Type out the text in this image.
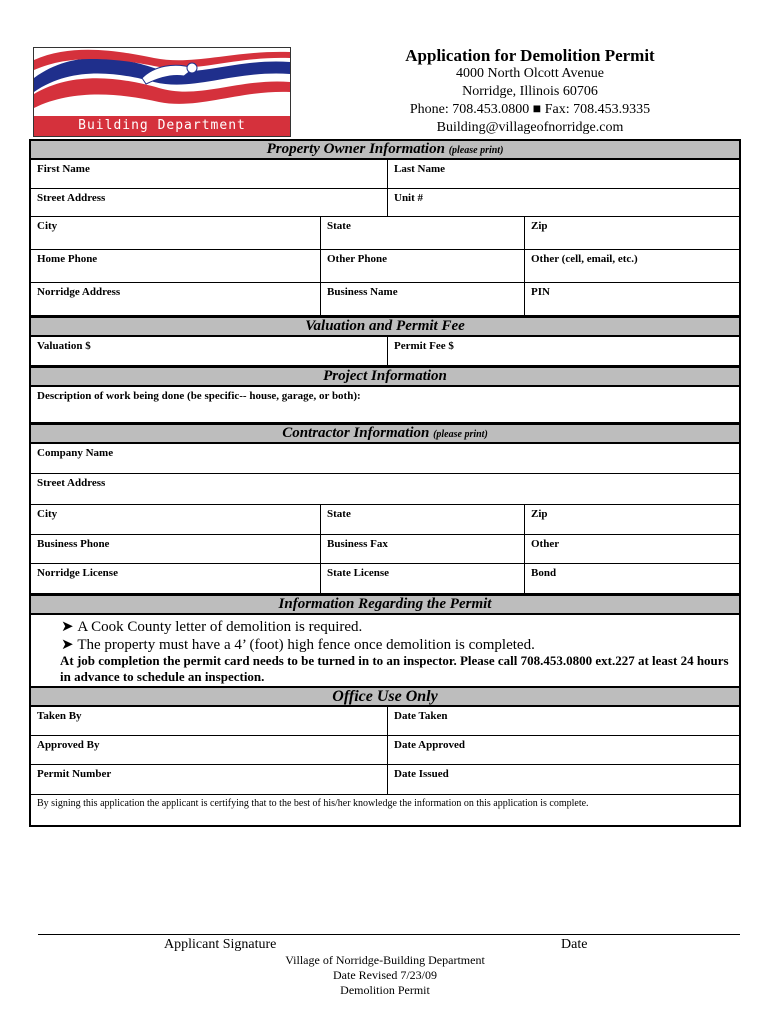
Building Department
Application for Demolition Permit
4000 North Olcott Avenue
Norridge, Illinois 60706
Phone: 708.453.0800 ■ Fax: 708.453.9335
Building@villageofnorridge.com
Property Owner Information (please print)
First Name	Last Name
Street Address	Unit #
City	State	Zip
Home Phone	Other Phone	Other (cell, email, etc.)
Norridge Address	Business Name	PIN
Valuation and Permit Fee
Valuation $	Permit Fee $
Project Information
Description of work being done (be specific-- house, garage, or both):
Contractor Information (please print)
Company Name
Street Address
City	State	Zip
Business Phone	Business Fax	Other
Norridge License	State License	Bond
Information Regarding the Permit
➤ A Cook County letter of demolition is required.
➤ The property must have a 4’ (foot) high fence once demolition is completed.
At job completion the permit card needs to be turned in to an inspector. Please call 708.453.0800 ext.227 at least 24 hours in advance to schedule an inspection.
Office Use Only
Taken By	Date Taken
Approved By	Date Approved
Permit Number	Date Issued
By signing this application the applicant is certifying that to the best of his/her knowledge the information on this application is complete.
Applicant Signature	Date
Village of Norridge-Building Department
Date Revised 7/23/09
Demolition Permit
